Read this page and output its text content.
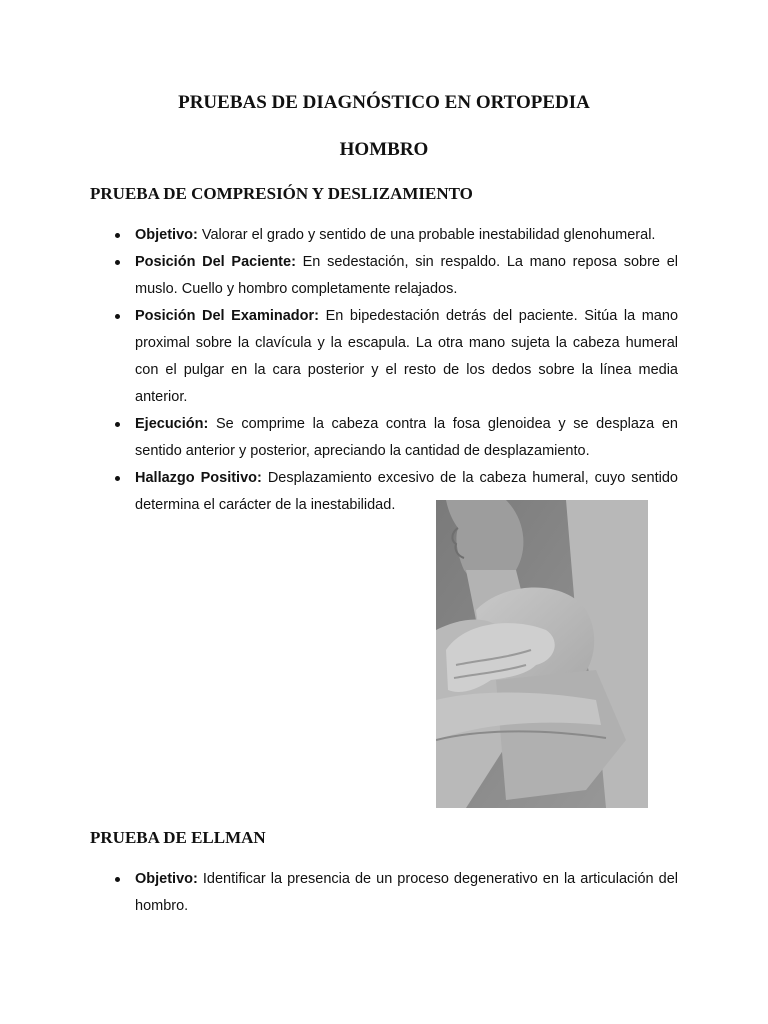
PRUEBAS DE DIAGNÓSTICO EN ORTOPEDIA
HOMBRO
PRUEBA DE COMPRESIÓN Y DESLIZAMIENTO
Objetivo: Valorar el grado y sentido de una probable inestabilidad glenohumeral.
Posición Del Paciente: En sedestación, sin respaldo. La mano reposa sobre el muslo. Cuello y hombro completamente relajados.
Posición Del Examinador: En bipedestación detrás del paciente. Sitúa la mano proximal sobre la clavícula y la escapula. La otra mano sujeta la cabeza humeral con el pulgar en la cara posterior y el resto de los dedos sobre la línea media anterior.
Ejecución: Se comprime la cabeza contra la fosa glenoidea y se desplaza en sentido anterior y posterior, apreciando la cantidad de desplazamiento.
Hallazgo Positivo: Desplazamiento excesivo de la cabeza humeral, cuyo sentido determina el carácter de la inestabilidad.
PRUEBA DE ELLMAN
Objetivo: Identificar la presencia de un proceso degenerativo en la articulación del hombro.
